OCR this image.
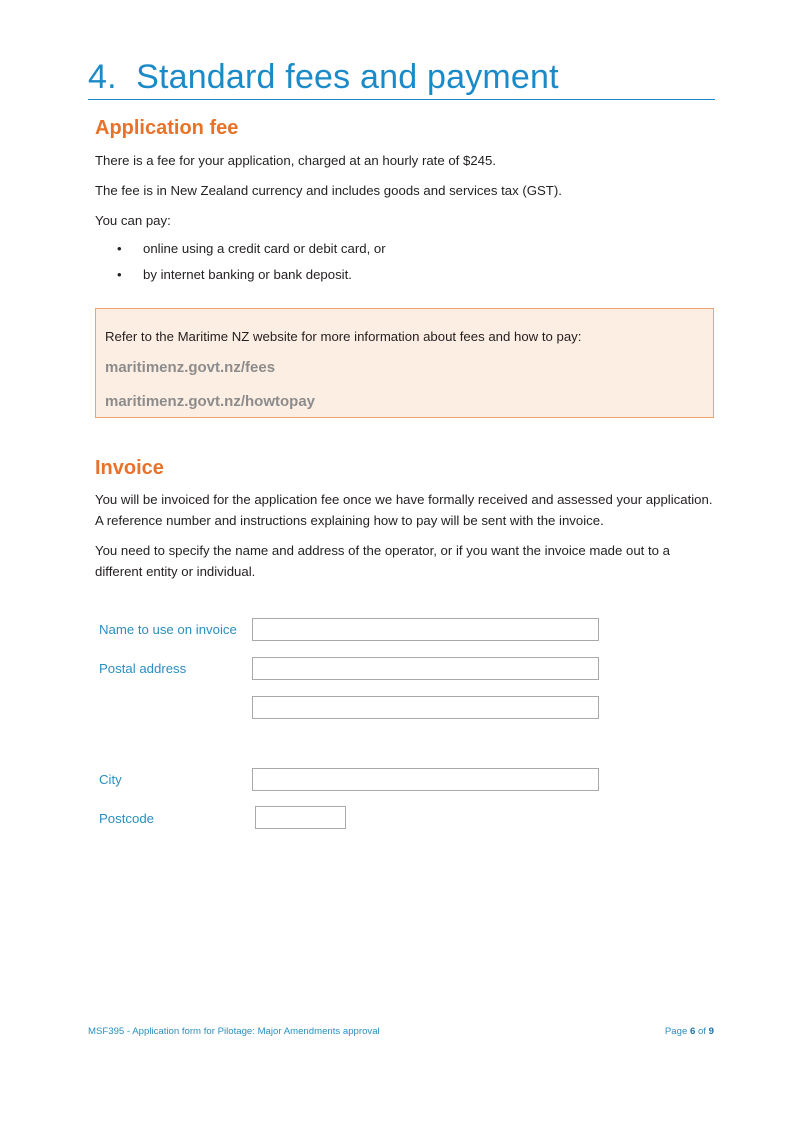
4. Standard fees and payment
Application fee

There is a fee for your application, charged at an hourly rate of $245.

The fee is in New Zealand currency and includes goods and services tax (GST).

You can pay:

• online using a credit card or debit card, or
• by internet banking or bank deposit.
Refer to the Maritime NZ website for more information about fees and how to pay:
maritimenz.govt.nz/fees
maritimenz.govt.nz/howtopay
Invoice

You will be invoiced for the application fee once we have formally received and assessed your application.

A reference number and instructions explaining how to pay will be sent with the invoice.

You need to specify the name and address of the operator, or if you want the invoice made out to a

different entity or individual.

Name to use on invoice
Postal address
City
Postcode
MSF395 - Application form for Pilotage: Major Amendments approval	Page 6 of 9
